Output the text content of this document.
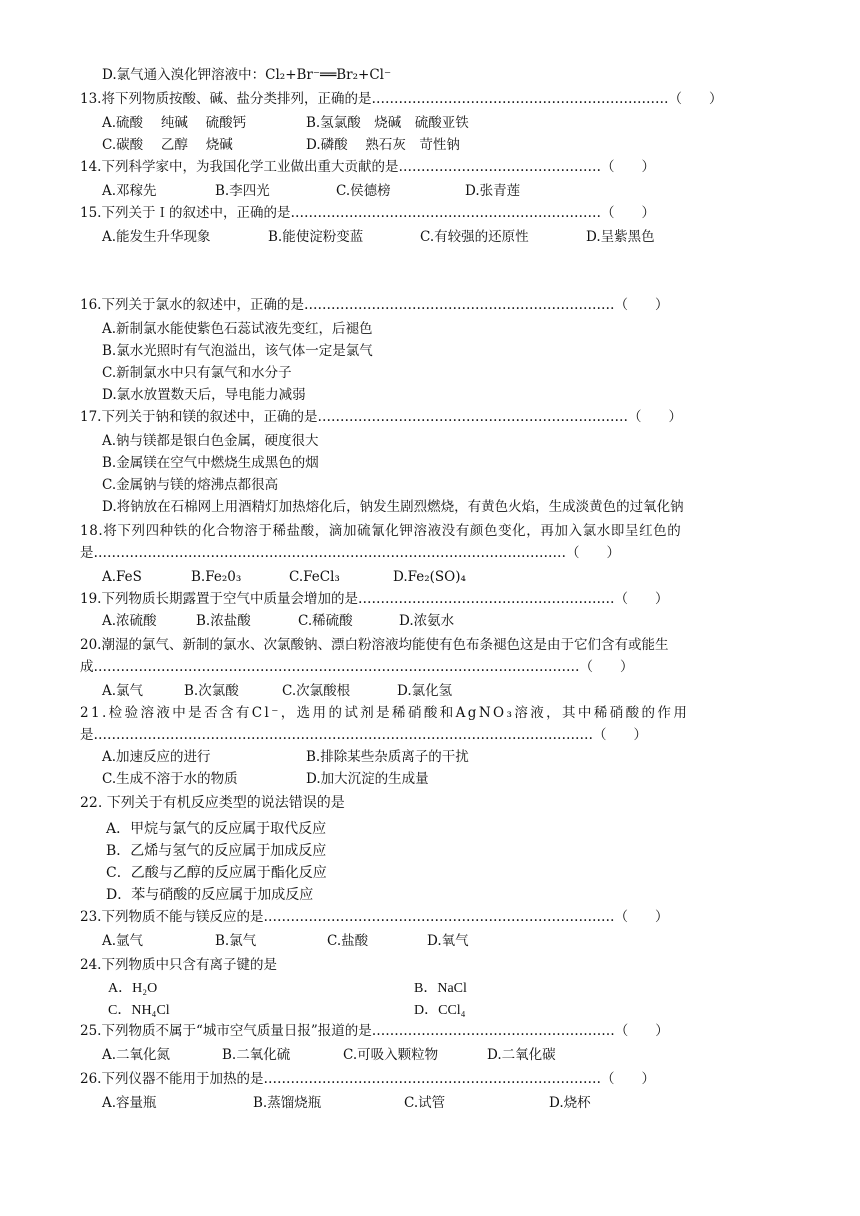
D.氯气通入溴化钾溶液中：Cl₂+Br⁻══Br₂+Cl⁻
13.将下列物质按酸、碱、盐分类排列，正确的是…………………………………………………………（　　）
A.硫酸　 纯碱　 硫酸钙	B.氢氯酸　烧碱　硫酸亚铁
C.碳酸　 乙醇　 烧碱	D.磷酸　 熟石灰　苛性钠
14.下列科学家中，为我国化学工业做出重大贡献的是………………………………………（　　）
A.邓稼先	B.李四光	C.侯德榜	D.张青莲
15.下列关于Ｉ的叙述中，正确的是……………………………………………………………（　　）
A.能发生升华现象	B.能使淀粉变蓝	C.有较强的还原性	D.呈紫黑色
16.下列关于氯水的叙述中，正确的是……………………………………………………………（　　）
A.新制氯水能使紫色石蕊试液先变红，后褪色
B.氯水光照时有气泡溢出，该气体一定是氯气
C.新制氯水中只有氯气和水分子
D.氯水放置数天后，导电能力减弱
17.下列关于钠和镁的叙述中，正确的是……………………………………………………………（　　）
A.钠与镁都是银白色金属，硬度很大
B.金属镁在空气中燃烧生成黑色的烟
C.金属钠与镁的熔沸点都很高
D.将钠放在石棉网上用酒精灯加热熔化后，钠发生剧烈燃烧，有黄色火焰，生成淡黄色的过氧化钠
18.将下列四种铁的化合物溶于稀盐酸，滴加硫氰化钾溶液没有颜色变化，再加入氯水即呈红色的
是……………………………………………………………………………………………（　　）
A.FeS	B.Fe₂0₃	C.FeCl₃	D.Fe₂(SO)₄
19.下列物质长期露置于空气中质量会增加的是…………………………………………………（　　）
A.浓硫酸	B.浓盐酸	C.稀硫酸	D.浓氨水
20.潮湿的氯气、新制的氯水、次氯酸钠、漂白粉溶液均能使有色布条褪色这是由于它们含有或能生
成………………………………………………………………………………………………（　　）
A.氯气	B.次氯酸	C.次氯酸根	D.氯化氢
21.检验溶液中是否含有Cl⁻，选用的试剂是稀硝酸和AgNO₃溶液，其中稀硝酸的作用
是…………………………………………………………………………………………………（　　）
A.加速反应的进行	B.排除某些杂质离子的干扰
C.生成不溶于水的物质	D.加大沉淀的生成量
22. 下列关于有机反应类型的说法错误的是
A．甲烷与氯气的反应属于取代反应
B．乙烯与氢气的反应属于加成反应
C．乙酸与乙醇的反应属于酯化反应
D．苯与硝酸的反应属于加成反应
23.下列物质不能与镁反应的是……………………………………………………………………（　　）
A.氩气	B.氯气	C.盐酸	D.氧气
24.下列物质中只含有离子键的是
A．H₂O	B．NaCl
C．NH₄Cl	D．CCl₄
25.下列物质不属于“城市空气质量日报”报道的是………………………………………………（　　）
A.二氧化氮	B.二氧化硫	C.可吸入颗粒物	D.二氧化碳
26.下列仪器不能用于加热的是…………………………………………………………………（　　）
A.容量瓶	B.蒸馏烧瓶	C.试管	D.烧杯
